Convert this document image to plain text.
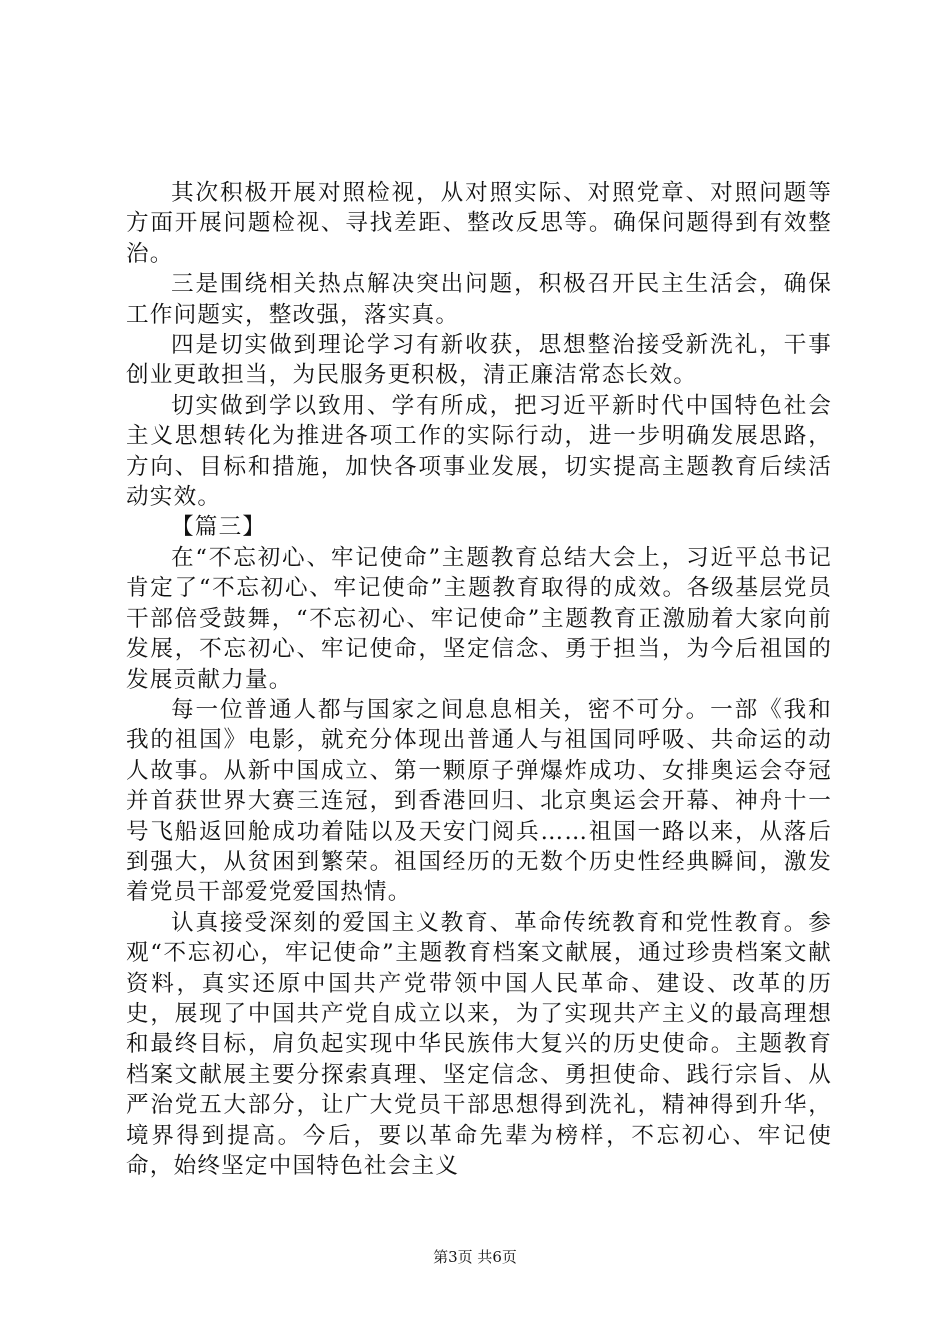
其次积极开展对照检视，从对照实际、对照党章、对照问题等方面开展问题检视、寻找差距、整改反思等。确保问题得到有效整治。

三是围绕相关热点解决突出问题，积极召开民主生活会，确保工作问题实，整改强，落实真。

四是切实做到理论学习有新收获，思想整治接受新洗礼，干事创业更敢担当，为民服务更积极，清正廉洁常态长效。

切实做到学以致用、学有所成，把习近平新时代中国特色社会主义思想转化为推进各项工作的实际行动，进一步明确发展思路，方向、目标和措施，加快各项事业发展，切实提高主题教育后续活动实效。

【篇三】

在“不忘初心、牢记使命”主题教育总结大会上，习近平总书记肯定了“不忘初心、牢记使命”主题教育取得的成效。各级基层党员干部倍受鼓舞，“不忘初心、牢记使命”主题教育正激励着大家向前发展，不忘初心、牢记使命，坚定信念、勇于担当，为今后祖国的发展贡献力量。

每一位普通人都与国家之间息息相关，密不可分。一部《我和我的祖国》电影，就充分体现出普通人与祖国同呼吸、共命运的动人故事。从新中国成立、第一颗原子弹爆炸成功、女排奥运会夺冠并首获世界大赛三连冠，到香港回归、北京奥运会开幕、神舟十一号飞船返回舱成功着陆以及天安门阅兵……祖国一路以来，从落后到强大，从贫困到繁荣。祖国经历的无数个历史性经典瞬间，激发着党员干部爱党爱国热情。

认真接受深刻的爱国主义教育、革命传统教育和党性教育。参观“不忘初心，牢记使命”主题教育档案文献展，通过珍贵档案文献资料，真实还原中国共产党带领中国人民革命、建设、改革的历史，展现了中国共产党自成立以来，为了实现共产主义的最高理想和最终目标，肩负起实现中华民族伟大复兴的历史使命。主题教育档案文献展主要分探索真理、坚定信念、勇担使命、践行宗旨、从严治党五大部分，让广大党员干部思想得到洗礼，精神得到升华，境界得到提高。今后，要以革命先辈为榜样，不忘初心、牢记使命，始终坚定中国特色社会主义

第3页 共6页
